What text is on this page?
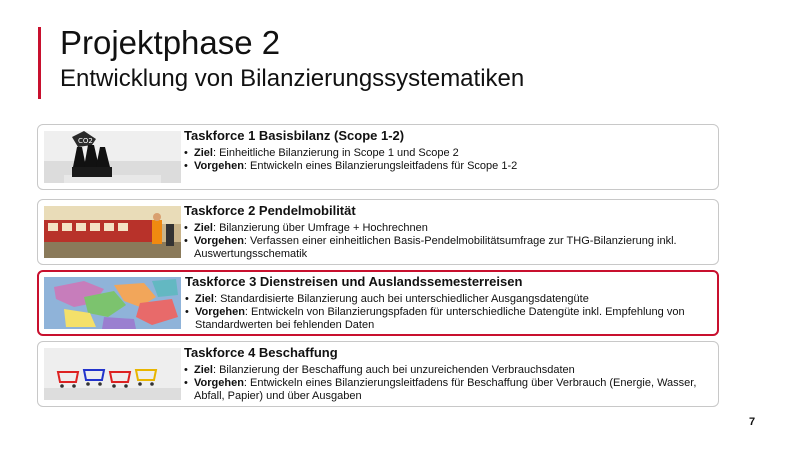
Projektphase 2
Entwicklung von Bilanzierungssystematiken
CO2	Taskforce 1 Basisbilanz (Scope 1-2)
• Ziel: Einheitliche Bilanzierung in Scope 1 und Scope 2
• Vorgehen: Entwickeln eines Bilanzierungsleitfadens für Scope 1-2
Taskforce 2 Pendelmobilität
• Ziel: Bilanzierung über Umfrage + Hochrechnen
• Vorgehen: Verfassen einer einheitlichen Basis-Pendelmobilitätsumfrage zur THG-Bilanzierung inkl. Auswertungsschematik
Taskforce 3 Dienstreisen und Auslandssemesterreisen
• Ziel: Standardisierte Bilanzierung auch bei unterschiedlicher Ausgangsdatengüte
• Vorgehen: Entwickeln von Bilanzierungspfaden für unterschiedliche Datengüte inkl. Empfehlung von Standardwerten bei fehlenden Daten
Taskforce 4 Beschaffung
• Ziel: Bilanzierung der Beschaffung auch bei unzureichenden Verbrauchsdaten
• Vorgehen: Entwickeln eines Bilanzierungsleitfadens für Beschaffung über Verbrauch (Energie, Wasser, Abfall, Papier) und über Ausgaben
7
